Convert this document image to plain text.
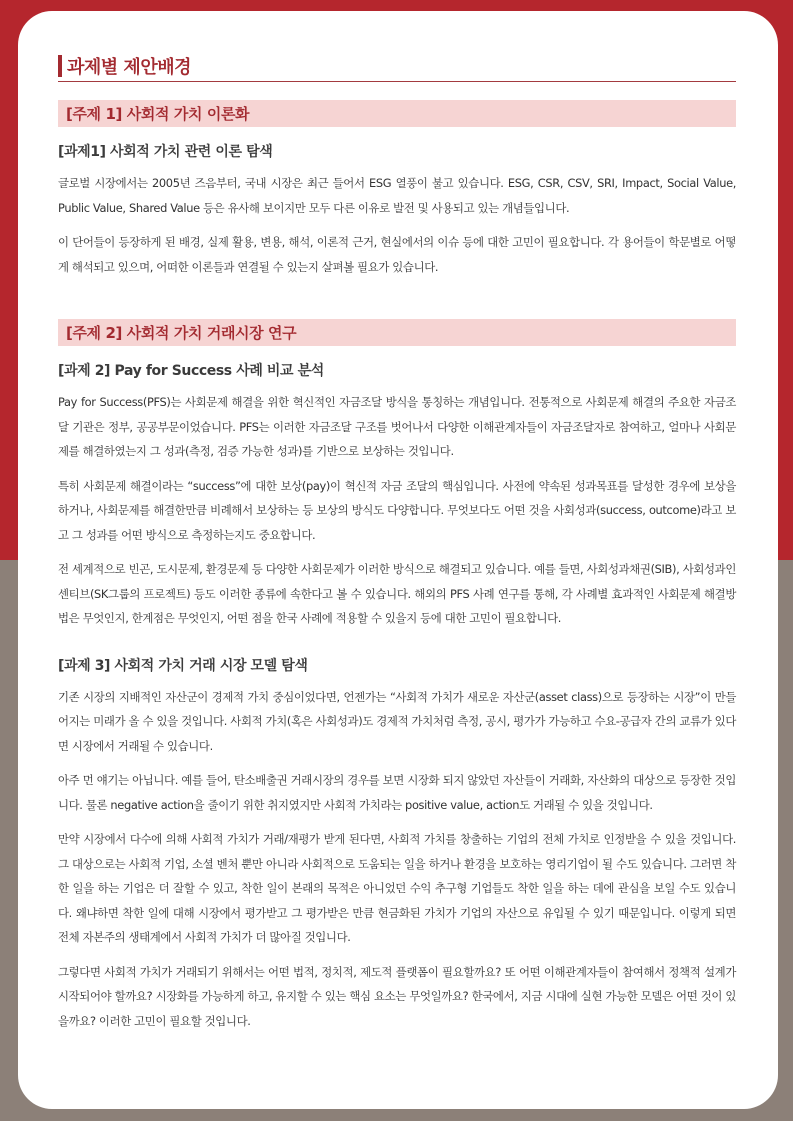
과제별 제안배경
[주제 1] 사회적 가치 이론화
[과제1] 사회적 가치 관련 이론 탐색

글로벌 시장에서는 2005년 즈음부터, 국내 시장은 최근 들어서 ESG 열풍이 불고 있습니다. ESG, CSR, CSV, SRI, Impact, Social Value, Public Value, Shared Value 등은 유사해 보이지만 모두 다른 이유로 발전 및 사용되고 있는 개념들입니다.

이 단어들이 등장하게 된 배경, 실제 활용, 변용, 해석, 이론적 근거, 현실에서의 이슈 등에 대한 고민이 필요합니다. 각 용어들이 학문별로 어떻게 해석되고 있으며, 어떠한 이론들과 연결될 수 있는지 살펴볼 필요가 있습니다.

[주제 2] 사회적 가치 거래시장 연구
[과제 2] Pay for Success 사례 비교 분석

Pay for Success(PFS)는 사회문제 해결을 위한 혁신적인 자금조달 방식을 통칭하는 개념입니다. 전통적으로 사회문제 해결의 주요한 자금조달 기관은 정부, 공공부문이었습니다. PFS는 이러한 자금조달 구조를 벗어나서 다양한 이해관계자들이 자금조달자로 참여하고, 얼마나 사회문제를 해결하였는지 그 성과(측정, 검증 가능한 성과)를 기반으로 보상하는 것입니다.

특히 사회문제 해결이라는 “success”에 대한 보상(pay)이 혁신적 자금 조달의 핵심입니다. 사전에 약속된 성과목표를 달성한 경우에 보상을 하거나, 사회문제를 해결한만큼 비례해서 보상하는 등 보상의 방식도 다양합니다. 무엇보다도 어떤 것을 사회성과(success, outcome)라고 보고 그 성과를 어떤 방식으로 측정하는지도 중요합니다.

전 세계적으로 빈곤, 도시문제, 환경문제 등 다양한 사회문제가 이러한 방식으로 해결되고 있습니다. 예를 들면, 사회성과채권(SIB), 사회성과인센티브(SK그룹의 프로젝트) 등도 이러한 종류에 속한다고 볼 수 있습니다. 해외의 PFS 사례 연구를 통해, 각 사례별 효과적인 사회문제 해결방법은 무엇인지, 한계점은 무엇인지, 어떤 점을 한국 사례에 적용할 수 있을지 등에 대한 고민이 필요합니다.

[과제 3] 사회적 가치 거래 시장 모델 탐색

기존 시장의 지배적인 자산군이 경제적 가치 중심이었다면, 언젠가는 “사회적 가치가 새로운 자산군(asset class)으로 등장하는 시장”이 만들어지는 미래가 올 수 있을 것입니다. 사회적 가치(혹은 사회성과)도 경제적 가치처럼 측정, 공시, 평가가 가능하고 수요-공급자 간의 교류가 있다면 시장에서 거래될 수 있습니다.

아주 먼 얘기는 아닙니다. 예를 들어, 탄소배출권 거래시장의 경우를 보면 시장화 되지 않았던 자산들이 거래화, 자산화의 대상으로 등장한 것입니다. 물론 negative action을 줄이기 위한 취지였지만 사회적 가치라는 positive value, action도 거래될 수 있을 것입니다.

만약 시장에서 다수에 의해 사회적 가치가 거래/재평가 받게 된다면, 사회적 가치를 창출하는 기업의 전체 가치로 인정받을 수 있을 것입니다. 그 대상으로는 사회적 기업, 소셜 벤처 뿐만 아니라 사회적으로 도움되는 일을 하거나 환경을 보호하는 영리기업이 될 수도 있습니다. 그러면 착한 일을 하는 기업은 더 잘할 수 있고, 착한 일이 본래의 목적은 아니었던 수익 추구형 기업들도 착한 일을 하는 데에 관심을 보일 수도 있습니다. 왜냐하면 착한 일에 대해 시장에서 평가받고 그 평가받은 만큼 현금화된 가치가 기업의 자산으로 유입될 수 있기 때문입니다. 이렇게 되면 전체 자본주의 생태계에서 사회적 가치가 더 많아질 것입니다.

그렇다면 사회적 가치가 거래되기 위해서는 어떤 법적, 정치적, 제도적 플랫폼이 필요할까요? 또 어떤 이해관계자들이 참여해서 정책적 설계가 시작되어야 할까요? 시장화를 가능하게 하고, 유지할 수 있는 핵심 요소는 무엇일까요? 한국에서, 지금 시대에 실현 가능한 모델은 어떤 것이 있을까요? 이러한 고민이 필요할 것입니다.
